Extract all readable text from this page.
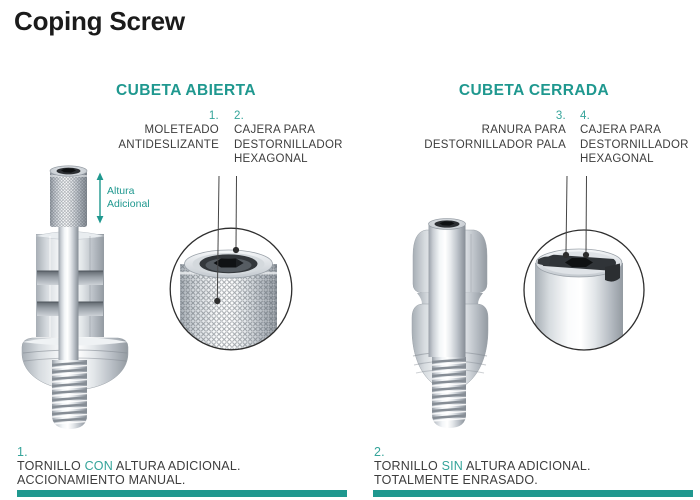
Coping Screw
CUBETA ABIERTA	CUBETA CERRADA
1.
MOLETEADO
ANTIDESLIZANTE
2.
CAJERA PARA
DESTORNILLADOR
HEXAGONAL
3.
RANURA PARA
DESTORNILLADOR PALA
4.
CAJERA PARA
DESTORNILLADOR
HEXAGONAL
Altura
Adicional
1.
TORNILLO CON ALTURA ADICIONAL.
ACCIONAMIENTO MANUAL.
2.
TORNILLO SIN ALTURA ADICIONAL.
TOTALMENTE ENRASADO.
